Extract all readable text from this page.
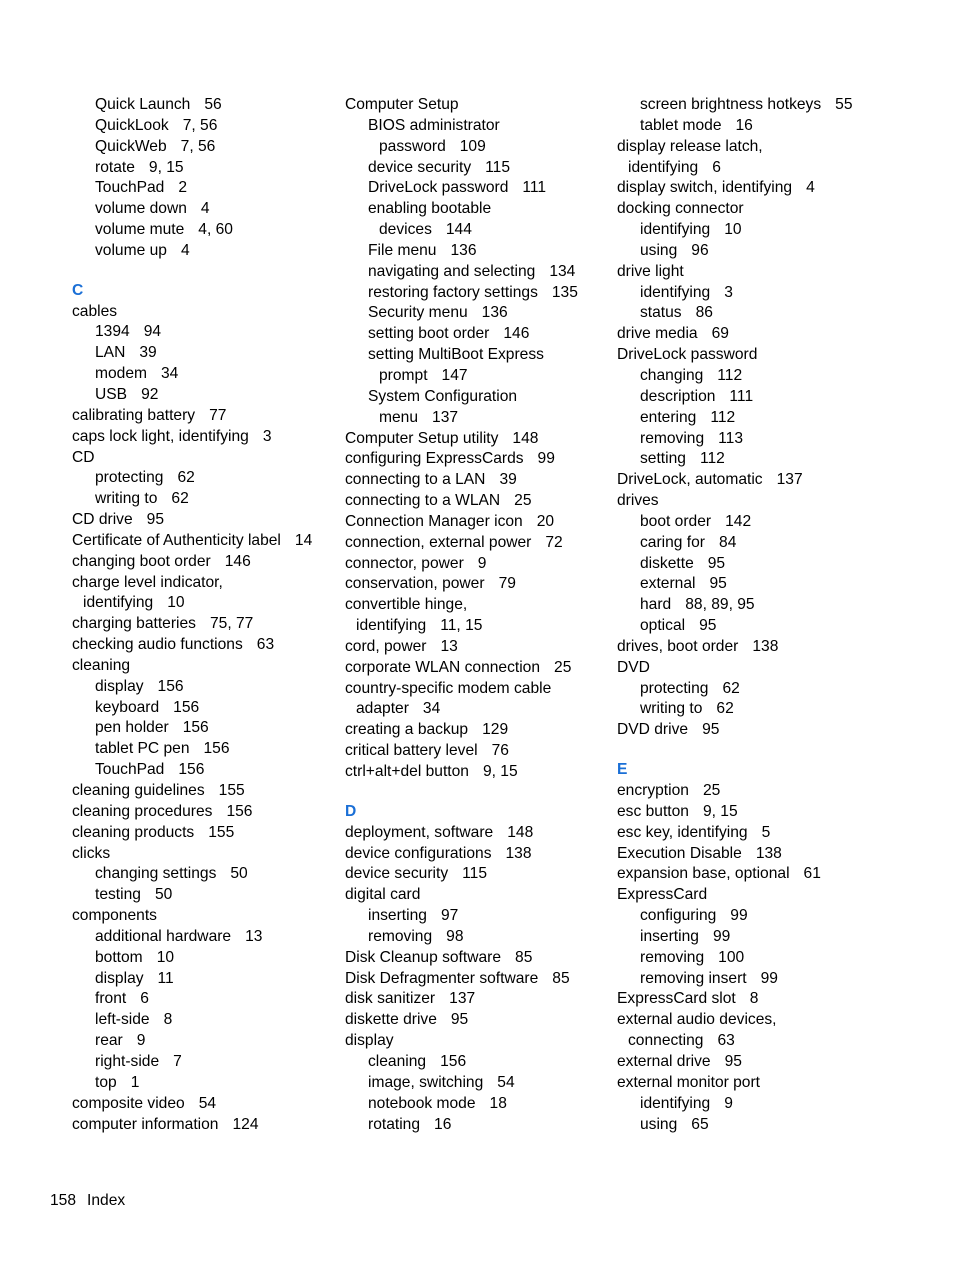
Quick Launch 56
QuickLook 7, 56
QuickWeb 7, 56
rotate 9, 15
TouchPad 2
volume down 4
volume mute 4, 60
volume up 4
C
cables
1394 94
LAN 39
modem 34
USB 92
calibrating battery 77
caps lock light, identifying 3
CD
protecting 62
writing to 62
CD drive 95
Certificate of Authenticity label 14
changing boot order 146
charge level indicator,
identifying 10
charging batteries 75, 77
checking audio functions 63
cleaning
display 156
keyboard 156
pen holder 156
tablet PC pen 156
TouchPad 156
cleaning guidelines 155
cleaning procedures 156
cleaning products 155
clicks
changing settings 50
testing 50
components
additional hardware 13
bottom 10
display 11
front 6
left-side 8
rear 9
right-side 7
top 1
composite video 54
computer information 124
Computer Setup
BIOS administrator
password 109
device security 115
DriveLock password 111
enabling bootable
devices 144
File menu 136
navigating and selecting 134
restoring factory settings 135
Security menu 136
setting boot order 146
setting MultiBoot Express
prompt 147
System Configuration
menu 137
Computer Setup utility 148
configuring ExpressCards 99
connecting to a LAN 39
connecting to a WLAN 25
Connection Manager icon 20
connection, external power 72
connector, power 9
conservation, power 79
convertible hinge,
identifying 11, 15
cord, power 13
corporate WLAN connection 25
country-specific modem cable
adapter 34
creating a backup 129
critical battery level 76
ctrl+alt+del button 9, 15
D
deployment, software 148
device configurations 138
device security 115
digital card
inserting 97
removing 98
Disk Cleanup software 85
Disk Defragmenter software 85
disk sanitizer 137
diskette drive 95
display
cleaning 156
image, switching 54
notebook mode 18
rotating 16
screen brightness hotkeys 55
tablet mode 16
display release latch,
identifying 6
display switch, identifying 4
docking connector
identifying 10
using 96
drive light
identifying 3
status 86
drive media 69
DriveLock password
changing 112
description 111
entering 112
removing 113
setting 112
DriveLock, automatic 137
drives
boot order 142
caring for 84
diskette 95
external 95
hard 88, 89, 95
optical 95
drives, boot order 138
DVD
protecting 62
writing to 62
DVD drive 95
E
encryption 25
esc button 9, 15
esc key, identifying 5
Execution Disable 138
expansion base, optional 61
ExpressCard
configuring 99
inserting 99
removing 100
removing insert 99
ExpressCard slot 8
external audio devices,
connecting 63
external drive 95
external monitor port
identifying 9
using 65
158 Index
